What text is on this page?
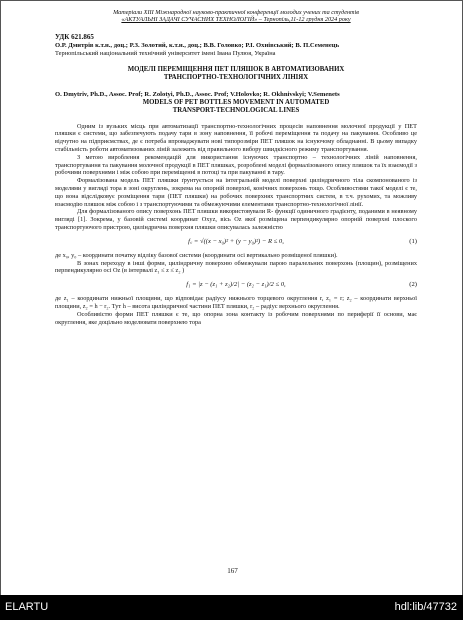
Матеріали XIII Міжнародної науково-практичної конференції молодих учених та студентів
«АКТУАЛЬНІ ЗАДАЧІ СУЧАСНИХ ТЕХНОЛОГІЙ» – Тернопіль,11-12 грудня 2024 року
УДК 621.865
О.Р. Дмитрів к.т.н., доц.; Р.З. Золотий, к.т.н., доц.; В.В. Головко; Р.І. Охнівський; В. П.Семенець
Тернопільський національний технічний університет імені Івана Пулюя, Україна
МОДЕЛІ ПЕРЕМІЩЕННЯ ПЕТ ПЛЯШОК В АВТОМАТИЗОВАНИХ
ТРАНСПОРТНО-ТЕХНОЛОГІЧНИХ ЛІНІЯХ
O. Dmytriv, Ph.D., Assoc. Prof; R. Zolotyi, Ph.D., Assoc. Prof; V.Holovko; R. Okhnivskyi; V.Semenets
MODELS OF PET BOTTLES MOVEMENT IN AUTOMATED
TRANSPORT-TECHNOLOGICAL LINES

Одним із вузьких місць при автоматизації транспортно-технологічних процесів наповнення молочної продукції у ПЕТ пляшки є системи, що забезпечують подачу тари в зону наповнення, її робочі переміщення та подачу на пакування. Особливо це відчутно на підприємствах, де є потреба впроваджувати нові типорозміри ПЕТ пляшок на існуючому обладнанні. В цьому випадку стабільність роботи автоматизованих ліній залежить від правильного вибору швидкісного режиму транспортування.

З метою вироблення рекомендацій для використання існуючих транспортно – технологічних ліній наповнення, транспортування та пакування молочної продукції в ПЕТ пляшках, розроблені моделі формалізованого опису пляшок та їх взаємодії з робочими поверхнями і між собою при переміщенні в потоці та при пакуванні в тару.

Формалізована модель ПЕТ пляшки ґрунтується на інтегральній моделі поверхні циліндричного тіла скомпонованого із моделями у вигляді тора в зоні округлень, зокрема на опорній поверхні, конічних поверхонь тощо. Особливостями такої моделі є те, що вона відслідковує розміщення тари (ПЕТ пляшки) на робочих поверхнях транспортних систем, в т.ч. рухомих, та можливу взаємодію пляшок між собою і з транспортуючими та обмежуючими елементами транспортно-технологічної лінії.

Для формалізованого опису поверхонь ПЕТ пляшки використовували R- функції одиничного градієнту, поданими в неявному вигляді [1]. Зокрема, у базовій системі координат Oxyz, вісь Oz якої розміщена перпендикулярно опорній поверхні плоского транспортуючого пристрою, циліндрична поверхня пляшки описувалась залежністю

f꜀ = √((x − x₀)² + (y − y₀)²) − R ≤ 0,	(1)

де x₀, y₀ – координати початку відліку базової системи (координати осі вертикально розміщеної пляшки).

В зонах переходу в інші форми, циліндричну поверхню обмежували парою паралельних поверхонь (площин), розміщених перпендикулярно осі Oz (в інтервалі z₁ ≤ z ≤ z₂ )

f₁ = |z − (z₁ + z₂)/2| − (z₂ − z₁)/2 ≤ 0,	(2)

де z₁ – координати нижньої площини, що відповідає радіусу нижнього торцевого округлення r, z₁ = r; z₂ – координати верхньої площини, z₂ = h − r₂. Тут h – висота циліндричної частини ПЕТ пляшки, r₂ – радіус верхнього округлення.

Особливістю форми ПЕТ пляшки є те, що опорна зона контакту із робочим поверхнями по периферії її основи, має округлення, яке доцільно моделювати поверхнею тора

167
ELARTU	hdl:lib/47732
